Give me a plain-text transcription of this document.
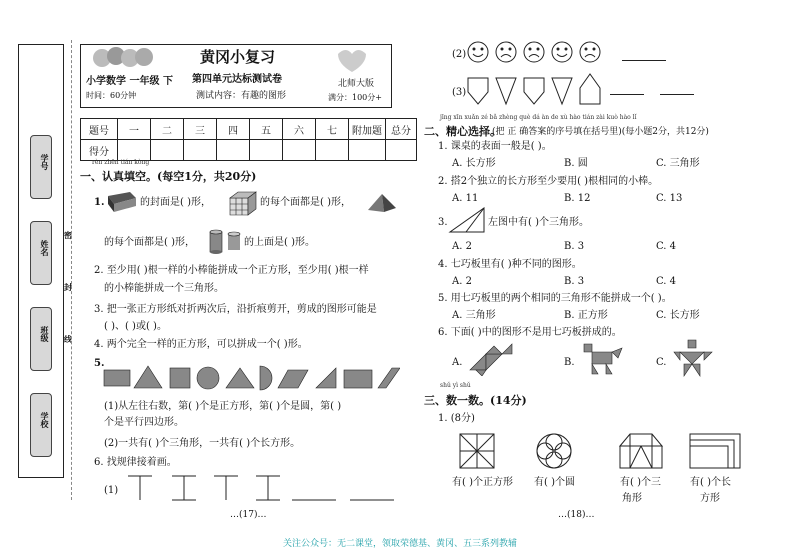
学号
姓名
班级
学校
密
封
线
黄冈小复习
小学数学 一年级 下
时间：60分钟
第四单元达标测试卷
测试内容：有趣的图形
北师大版
满分：100分+
题号	一	二	三	四	五	六	七	附加题	总分
得分									
rèn zhēn tián kòng
一、认真填空。(每空1分，共20分)
1.	的封面是( )形，	的每个面都是( )形，
的每个面都是( )形，	的上面是( )形。
2. 至少用( )根一样的小棒能拼成一个正方形，至少用( )根一样
的小棒能拼成一个三角形。
3. 把一张正方形纸对折两次后，沿折痕剪开，剪成的图形可能是
( )、( )或( )。
4. 两个完全一样的正方形，可以拼成一个( )形。
5.
(1)从左往右数，第( )个是正方形，第( )个是圆，第( )
个是平行四边形。
(2)一共有( )个三角形，一共有( )个长方形。
6. 找规律接着画。
(1)
…(17)…
(2)
(3)
jīng xīn xuǎn zé bǎ zhèng què dá àn de xù hào tián zài kuò hào lǐ
二、精心选择。
(把 正 确答案的序号填在括号里)(每小题2分，共12分)
1. 课桌的表面一般是( )。
A. 长方形	B. 圆	C. 三角形
2. 搭2个独立的长方形至少要用( )根相同的小棒。
A. 11	B. 12	C. 13
3.	左图中有( )个三角形。
A. 2	B. 3	C. 4
4. 七巧板里有( )种不同的图形。
A. 2	B. 3	C. 4
5. 用七巧板里的两个相同的三角形不能拼成一个( )。
A. 三角形	B. 正方形	C. 长方形
6. 下面( )中的图形不是用七巧板拼成的。
A.	B.	C.
shǔ yì shǔ
三、数一数。(14分)
1. (8分)
有( )个正方形 有( )个圆	有( )个三	有( )个长
角形	方形
…(18)…
关注公众号：无二课堂，领取荣德基、黄冈、五三系列教辅
